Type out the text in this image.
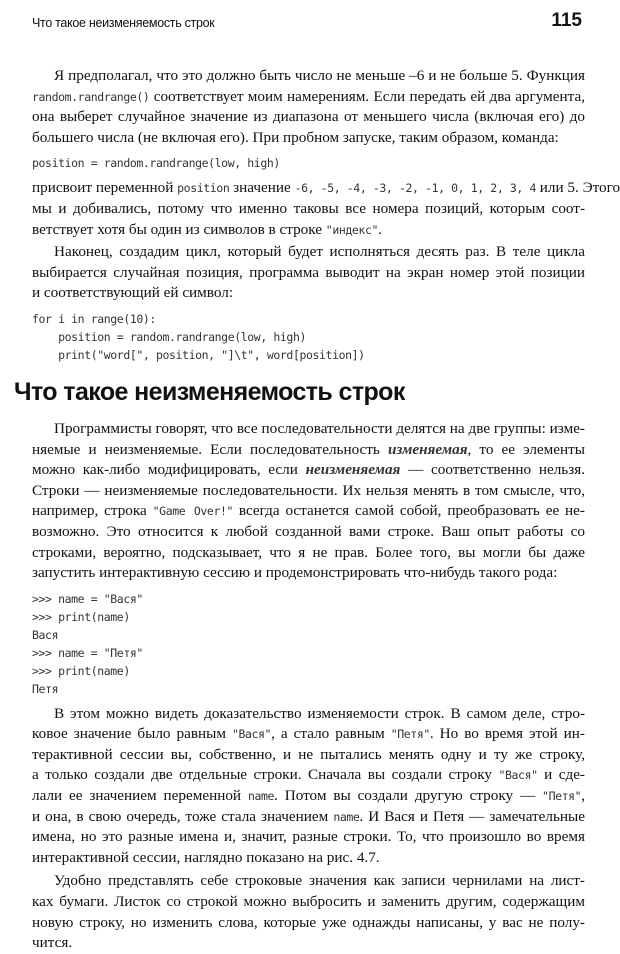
Что такое неизменяемость строк	115
Я предполагал, что это должно быть число не меньше –6 и не больше 5. Функция
random.randrange() соответствует моим намерениям. Если передать ей два аргумента,
она выберет случайное значение из диапазона от меньшего числа (включая его) до
большего числа (не включая его). При пробном запуске, таким образом, команда:
position = random.randrange(low, high)
присвоит переменной position значение -6, -5, -4, -3, -2, -1, 0, 1, 2, 3, 4 или 5. Этого
мы и добивались, потому что именно таковы все номера позиций, которым соот-
ветствует хотя бы один из символов в строке "индекс".
Наконец, создадим цикл, который будет исполняться десять раз. В теле цикла
выбирается случайная позиция, программа выводит на экран номер этой позиции
и соответствующий ей символ:
for i in range(10):
position = random.randrange(low, high)
print("word[", position, "]\t", word[position])
Что такое неизменяемость строк
Программисты говорят, что все последовательности делятся на две группы: изме-
няемые и неизменяемые. Если последовательность изменяемая, то ее элементы
можно как-либо модифицировать, если неизменяемая — соответственно нельзя.
Строки — неизменяемые последовательности. Их нельзя менять в том смысле, что,
например, строка "Game Over!" всегда останется самой собой, преобразовать ее не-
возможно. Это относится к любой созданной вами строке. Ваш опыт работы со
строками, вероятно, подсказывает, что я не прав. Более того, вы могли бы даже
запустить интерактивную сессию и продемонстрировать что-нибудь такого рода:
>>> name = "Вася"
>>> print(name)
Вася
>>> name = "Петя"
>>> print(name)
Петя
В этом можно видеть доказательство изменяемости строк. В самом деле, стро-
ковое значение было равным "Вася", а стало равным "Петя". Но во время этой ин-
терактивной сессии вы, собственно, и не пытались менять одну и ту же строку,
а только создали две отдельные строки. Сначала вы создали строку "Вася" и сде-
лали ее значением переменной name. Потом вы создали другую строку — "Петя",
и она, в свою очередь, тоже стала значением name. И Вася и Петя — замечательные
имена, но это разные имена и, значит, разные строки. То, что произошло во время
интерактивной сессии, наглядно показано на рис. 4.7.
Удобно представлять себе строковые значения как записи чернилами на лист-
ках бумаги. Листок со строкой можно выбросить и заменить другим, содержащим
новую строку, но изменить слова, которые уже однажды написаны, у вас не полу-
чится.
